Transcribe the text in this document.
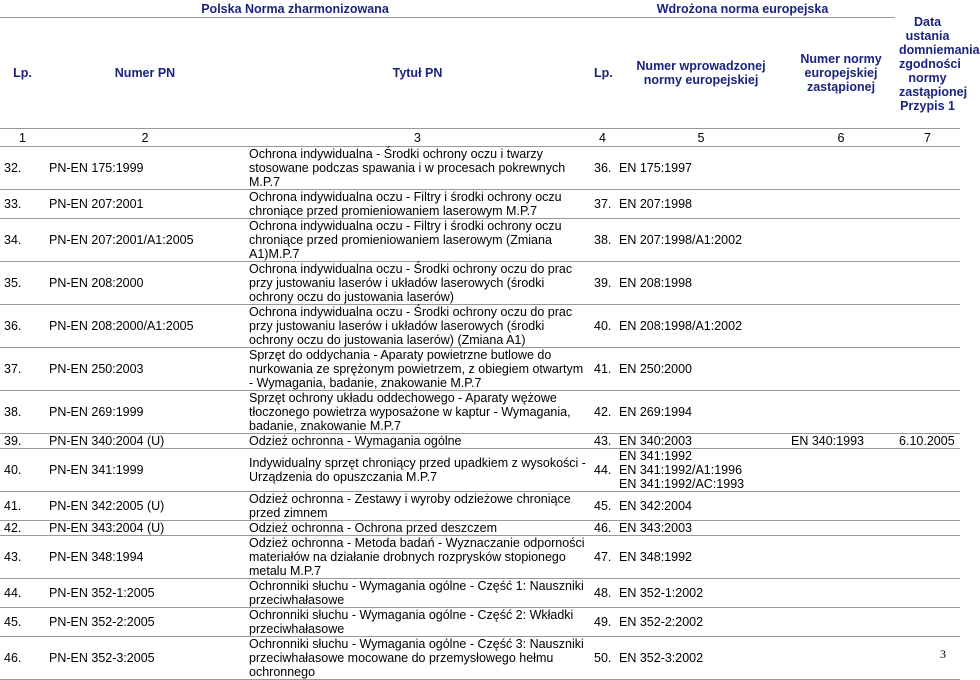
Polska Norma zharmonizowana			Wdrożona norma europejska			Data ustania domniemania zgodności normy zastąpionej Przypis 1
Lp.	Numer PN	Tytuł PN	Lp.	Numer wprowadzonej normy europejskiej	Numer normy europejskiej zastąpionej	
1	2	3	4	5	6	7
32.	PN-EN 175:1999	Ochrona indywidualna - Środki ochrony oczu i twarzy stosowane podczas spawania i w procesach pokrewnych M.P.7	36.	EN 175:1997		
33.	PN-EN 207:2001	Ochrona indywidualna oczu - Filtry i środki ochrony oczu chroniące przed promieniowaniem laserowym M.P.7	37.	EN 207:1998		
34.	PN-EN 207:2001/A1:2005	Ochrona indywidualna oczu - Filtry i środki ochrony oczu chroniące przed promieniowaniem laserowym (Zmiana A1)M.P.7	38.	EN 207:1998/A1:2002		
35.	PN-EN 208:2000	Ochrona indywidualna oczu - Środki ochrony oczu do prac przy justowaniu laserów i układów laserowych (środki ochrony oczu do justowania laserów)	39.	EN 208:1998		
36.	PN-EN 208:2000/A1:2005	Ochrona indywidualna oczu - Środki ochrony oczu do prac przy justowaniu laserów i układów laserowych (środki ochrony oczu do justowania laserów) (Zmiana A1)	40.	EN 208:1998/A1:2002		
37.	PN-EN 250:2003	Sprzęt do oddychania - Aparaty powietrzne butlowe do nurkowania ze sprężonym powietrzem, z obiegiem otwartym - Wymagania, badanie, znakowanie M.P.7	41.	EN 250:2000		
38.	PN-EN 269:1999	Sprzęt ochrony układu oddechowego - Aparaty wężowe tłoczonego powietrza wyposażone w kaptur - Wymagania, badanie, znakowanie M.P.7	42.	EN 269:1994		
39.	PN-EN 340:2004 (U)	Odzież ochronna - Wymagania ogólne	43.	EN 340:2003	EN 340:1993	6.10.2005
40.	PN-EN 341:1999	Indywidualny sprzęt chroniący przed upadkiem z wysokości - Urządzenia do opuszczania M.P.7	44.	EN 341:1992
EN 341:1992/A1:1996
EN 341:1992/AC:1993		
41.	PN-EN 342:2005 (U)	Odzież ochronna - Zestawy i wyroby odzieżowe chroniące przed zimnem	45.	EN 342:2004		
42.	PN-EN 343:2004 (U)	Odzież ochronna - Ochrona przed deszczem	46.	EN 343:2003		
43.	PN-EN 348:1994	Odzież ochronna - Metoda badań - Wyznaczanie odporności materiałów na działanie drobnych rozprysków stopionego metalu M.P.7	47.	EN 348:1992		
44.	PN-EN 352-1:2005	Ochronniki słuchu - Wymagania ogólne - Część 1: Nauszniki przeciwhałasowe	48.	EN 352-1:2002		
45.	PN-EN 352-2:2005	Ochronniki słuchu - Wymagania ogólne - Część 2: Wkładki przeciwhałasowe	49.	EN 352-2:2002		
46.	PN-EN 352-3:2005	Ochronniki słuchu - Wymagania ogólne - Część 3: Nauszniki przeciwhałasowe mocowane do przemysłowego hełmu ochronnego	50.	EN 352-3:2002			3
